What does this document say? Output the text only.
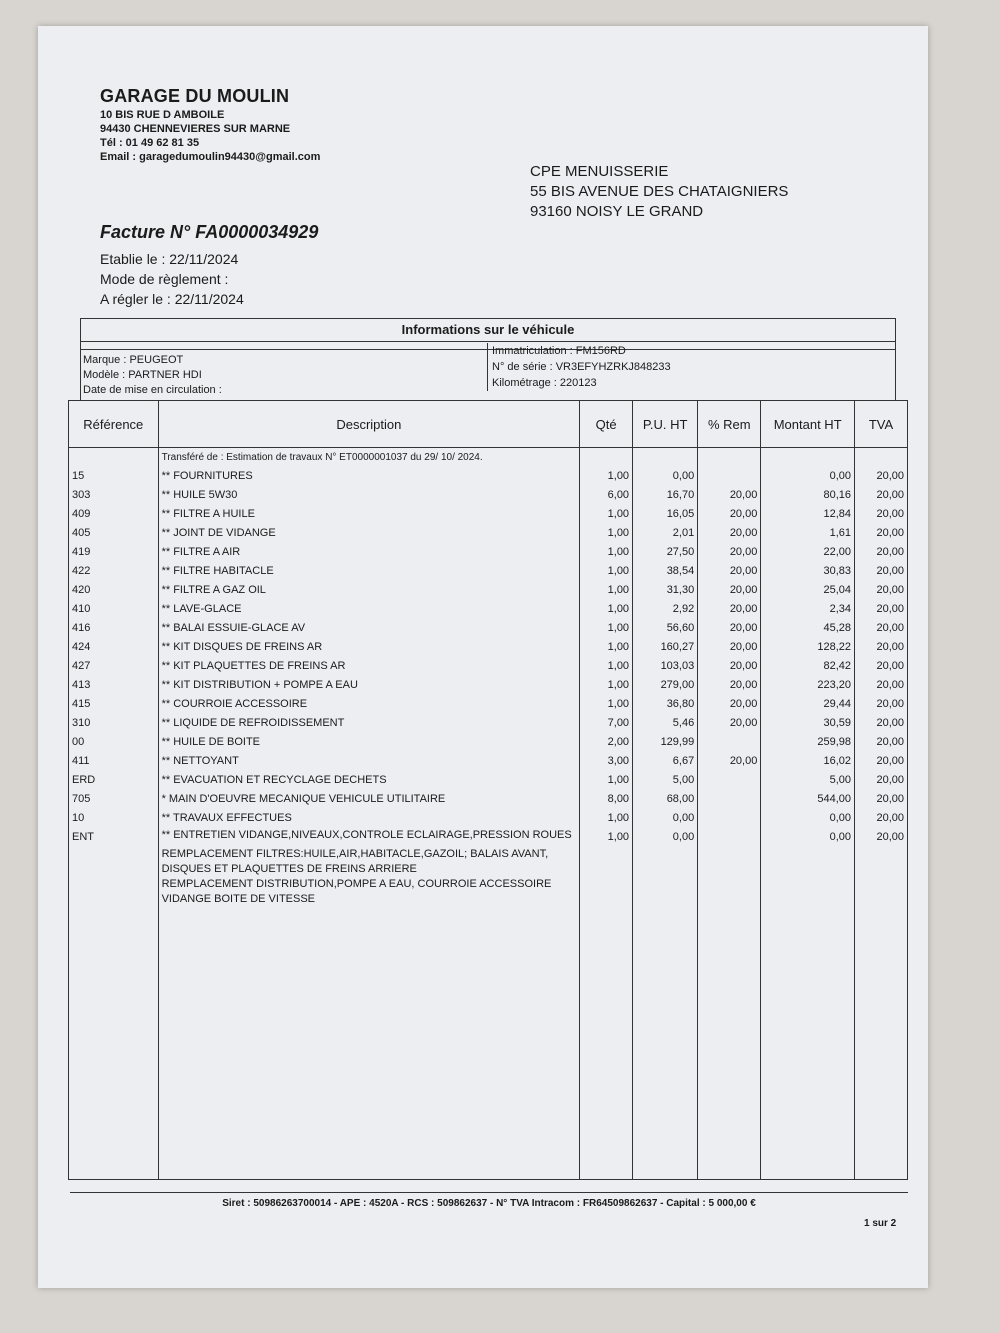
GARAGE DU MOULIN
10 BIS RUE D AMBOILE
94430 CHENNEVIERES SUR MARNE
Tél : 01 49 62 81 35
Email : garagedumoulin94430@gmail.com
CPE MENUISSERIE
55 BIS AVENUE DES CHATAIGNIERS
93160 NOISY LE GRAND
Facture N° FA0000034929
Etablie le : 22/11/2024
Mode de règlement :
A régler le : 22/11/2024
Informations sur le véhicule
Marque : PEUGEOT
Modèle : PARTNER HDI
Date de mise en circulation :
Immatriculation : FM156RD
N° de série : VR3EFYHZRKJ848233
Kilométrage : 220123
Référence	Description	Qté	P.U. HT	% Rem	Montant HT	TVA
	Transféré de : Estimation de travaux N° ET0000001037 du 29/ 10/ 2024.					
15	** FOURNITURES	1,00	0,00		0,00	20,00
303	** HUILE 5W30	6,00	16,70	20,00	80,16	20,00
409	** FILTRE A HUILE	1,00	16,05	20,00	12,84	20,00
405	** JOINT DE VIDANGE	1,00	2,01	20,00	1,61	20,00
419	** FILTRE A AIR	1,00	27,50	20,00	22,00	20,00
422	** FILTRE HABITACLE	1,00	38,54	20,00	30,83	20,00
420	** FILTRE A GAZ OIL	1,00	31,30	20,00	25,04	20,00
410	** LAVE-GLACE	1,00	2,92	20,00	2,34	20,00
416	** BALAI ESSUIE-GLACE AV	1,00	56,60	20,00	45,28	20,00
424	** KIT DISQUES DE FREINS AR	1,00	160,27	20,00	128,22	20,00
427	** KIT PLAQUETTES DE FREINS AR	1,00	103,03	20,00	82,42	20,00
413	** KIT DISTRIBUTION + POMPE A EAU	1,00	279,00	20,00	223,20	20,00
415	** COURROIE ACCESSOIRE	1,00	36,80	20,00	29,44	20,00
310	** LIQUIDE DE REFROIDISSEMENT	7,00	5,46	20,00	30,59	20,00
00	** HUILE DE BOITE	2,00	129,99		259,98	20,00
411	** NETTOYANT	3,00	6,67	20,00	16,02	20,00
ERD	** EVACUATION ET RECYCLAGE DECHETS	1,00	5,00		5,00	20,00

705	* MAIN D'OEUVRE MECANIQUE VEHICULE UTILITAIRE	8,00	68,00		544,00	20,00

10	** TRAVAUX EFFECTUES	1,00	0,00		0,00	20,00
ENT	** ENTRETIEN VIDANGE,NIVEAUX,CONTROLE ECLAIRAGE,PRESSION ROUES	1,00	0,00		0,00	20,00
	REMPLACEMENT FILTRES:HUILE,AIR,HABITACLE,GAZOIL; BALAIS AVANT, DISQUES ET PLAQUETTES DE FREINS ARRIERE					
	REMPLACEMENT DISTRIBUTION,POMPE A EAU, COURROIE ACCESSOIRE					
	VIDANGE BOITE DE VITESSE					

Siret : 50986263700014 - APE : 4520A - RCS : 509862637 - N° TVA Intracom : FR64509862637 - Capital : 5 000,00 €
1 sur 2
